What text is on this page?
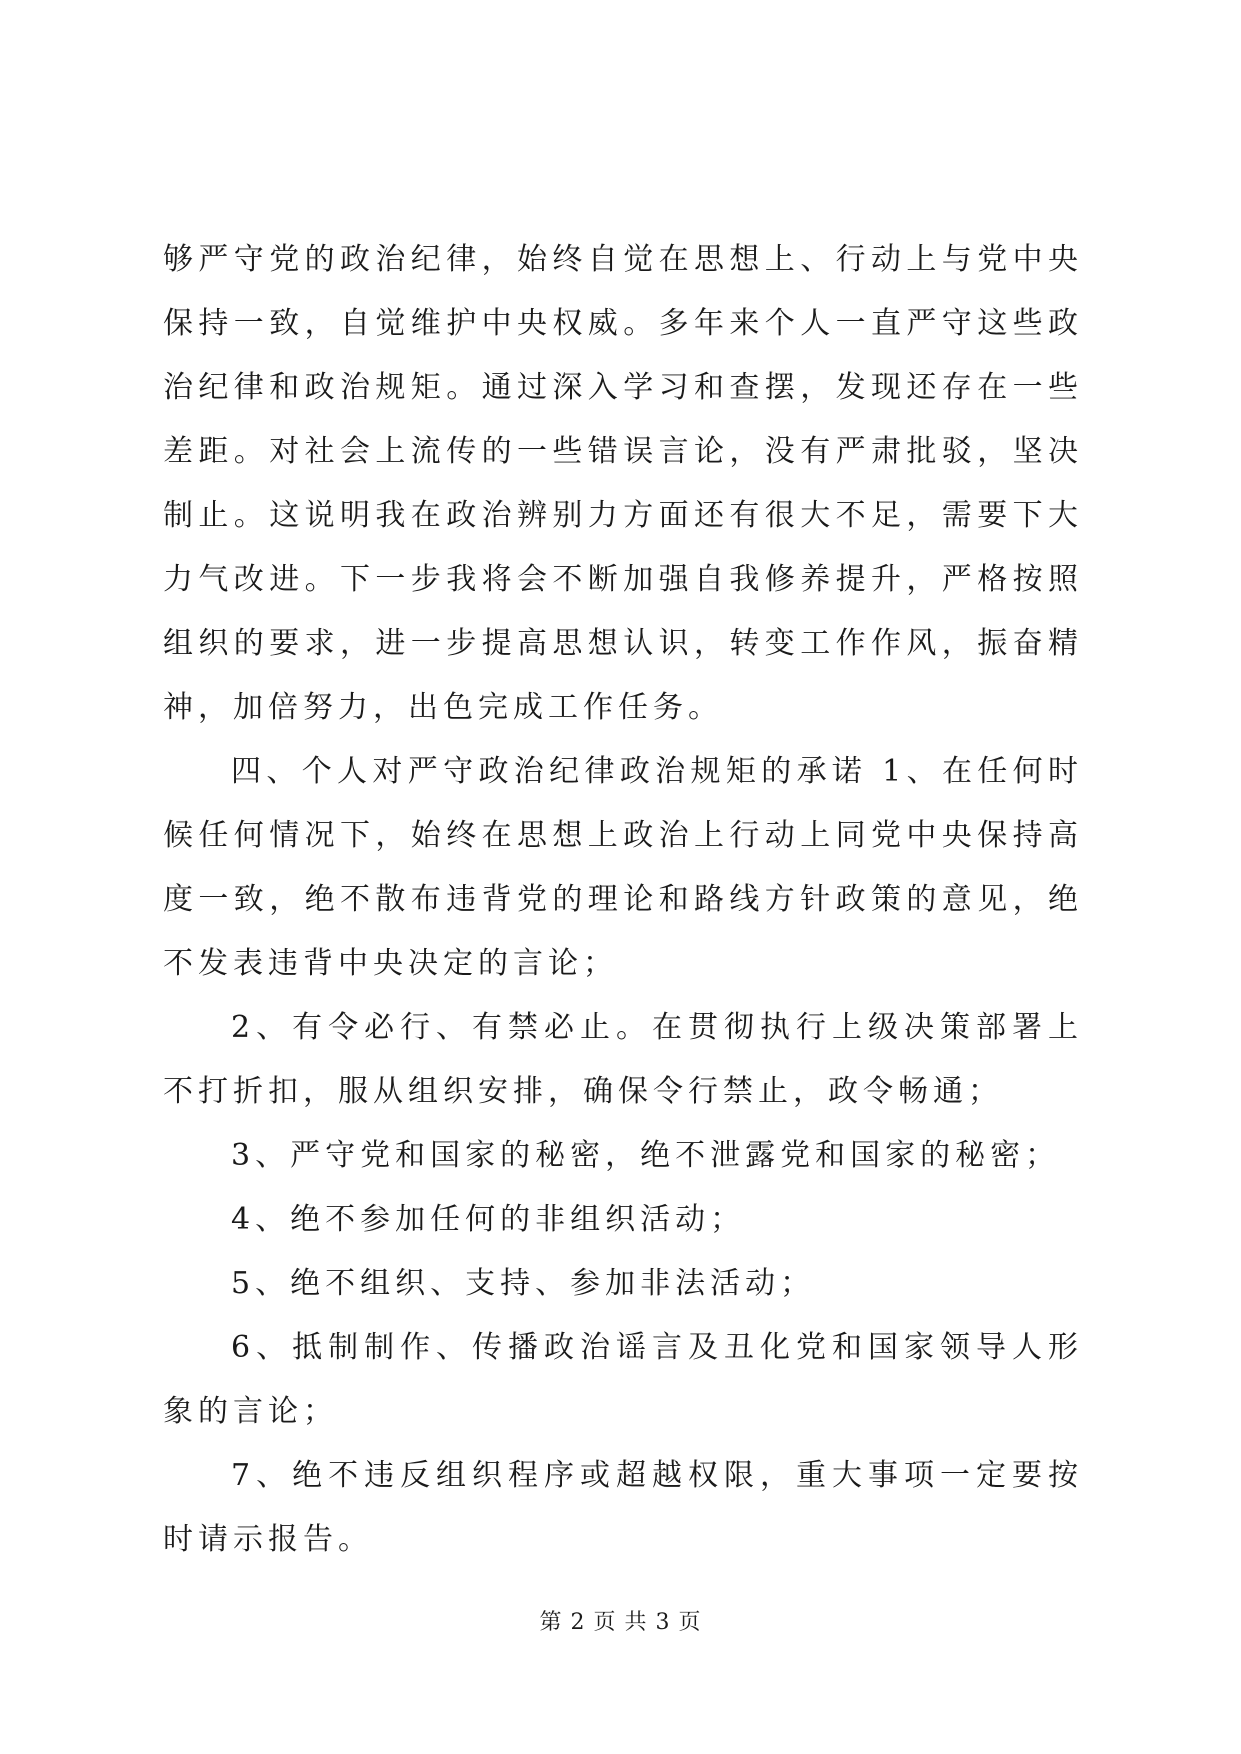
够严守党的政治纪律，始终自觉在思想上、行动上与党中央保持一致，自觉维护中央权威。多年来个人一直严守这些政治纪律和政治规矩。通过深入学习和查摆，发现还存在一些差距。对社会上流传的一些错误言论，没有严肃批驳，坚决制止。这说明我在政治辨别力方面还有很大不足，需要下大力气改进。下一步我将会不断加强自我修养提升，严格按照组织的要求，进一步提高思想认识，转变工作作风，振奋精神，加倍努力，出色完成工作任务。

四、个人对严守政治纪律政治规矩的承诺 1、在任何时候任何情况下，始终在思想上政治上行动上同党中央保持高度一致，绝不散布违背党的理论和路线方针政策的意见，绝不发表违背中央决定的言论；

2、有令必行、有禁必止。在贯彻执行上级决策部署上不打折扣，服从组织安排，确保令行禁止，政令畅通；

3、严守党和国家的秘密，绝不泄露党和国家的秘密；

4、绝不参加任何的非组织活动；

5、绝不组织、支持、参加非法活动；

6、抵制制作、传播政治谣言及丑化党和国家领导人形象的言论；

7、绝不违反组织程序或超越权限，重大事项一定要按时请示报告。

第 2 页 共 3 页
